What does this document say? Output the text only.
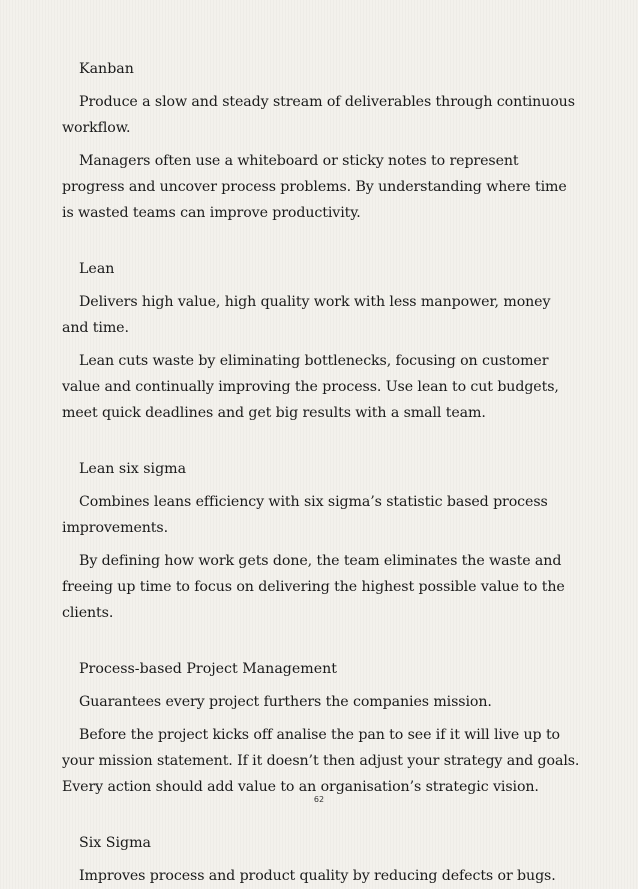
Kanban

Produce a slow and steady stream of deliverables through continuous workflow.

Managers often use a whiteboard or sticky notes to represent progress and uncover process problems. By understanding where time is wasted teams can improve productivity.

Lean

Delivers high value, high quality work with less manpower, money and time.

Lean cuts waste by eliminating bottlenecks, focusing on customer value and continually improving the process. Use lean to cut budgets, meet quick deadlines and get big results with a small team.

Lean six sigma

Combines leans efficiency with six sigma’s statistic based process improvements.

By defining how work gets done, the team eliminates the waste and freeing up time to focus on delivering the highest possible value to the clients.

Process-based Project Management

Guarantees every project furthers the companies mission.

Before the project kicks off analise the pan to see if it will live up to your mission statement. If it doesn’t then adjust your strategy and goals. Every action should add value to an organisation’s strategic vision.

Six Sigma

Improves process and product quality by reducing defects or bugs.

62
